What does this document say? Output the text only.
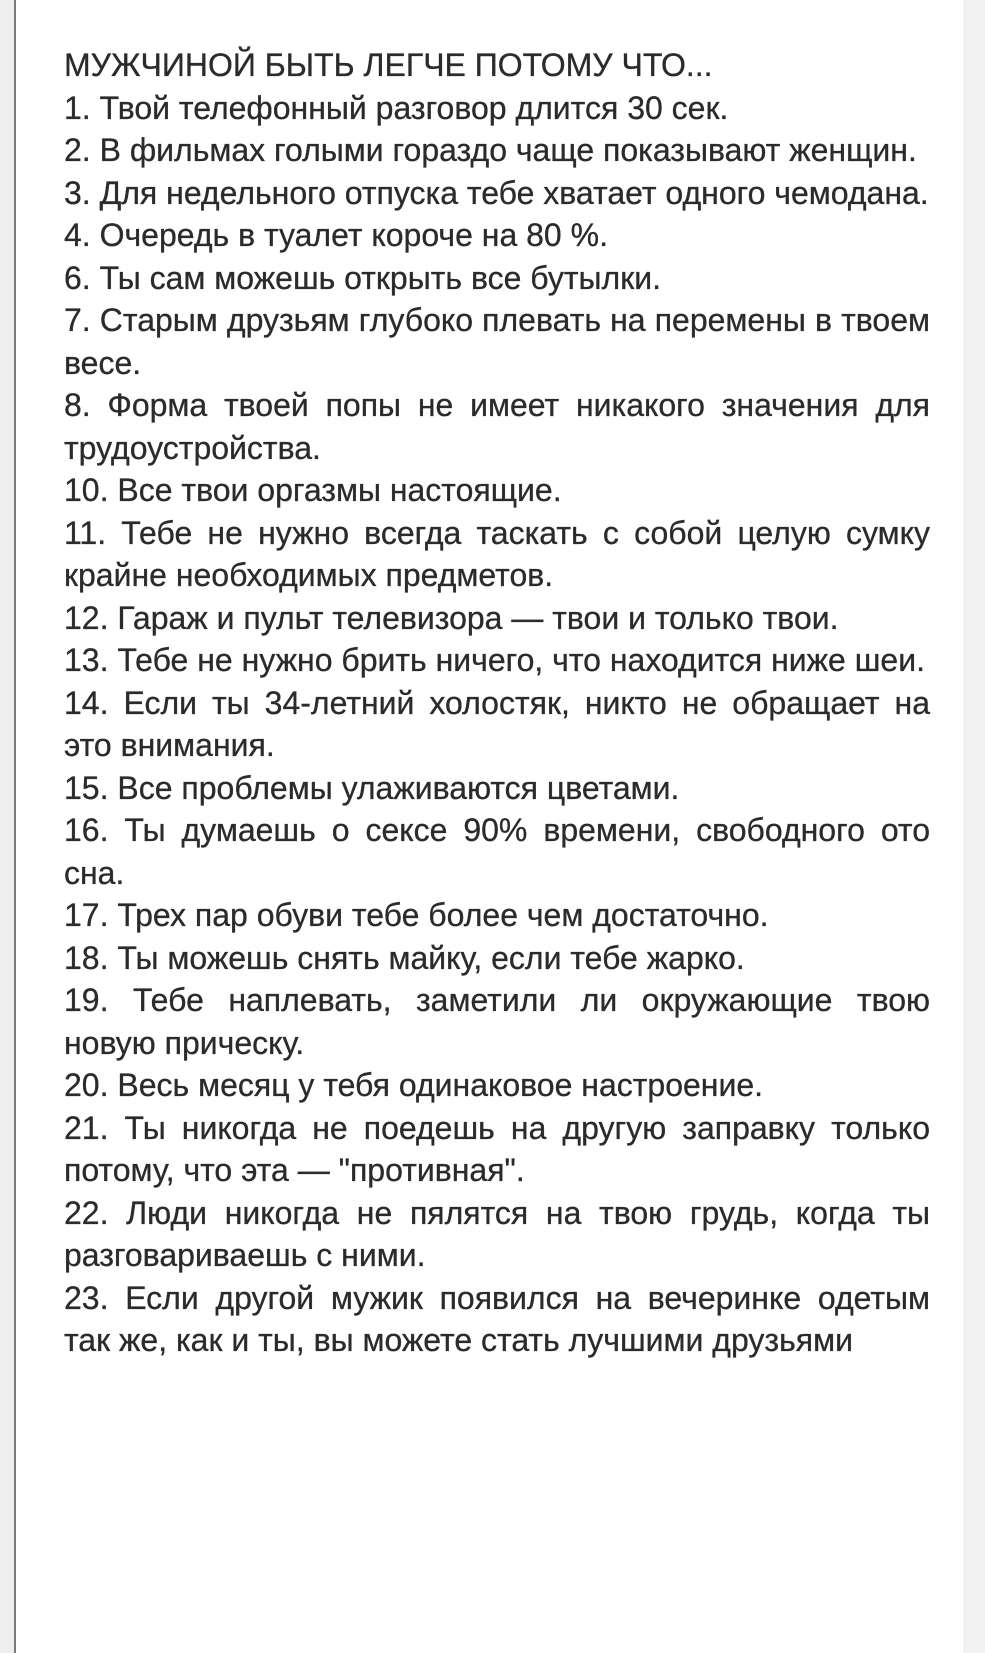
МУЖЧИНОЙ БЫТЬ ЛЕГЧЕ ПОТОМУ ЧТО...

1. Твой телефонный разговор длится 30 сек.

2. В фильмах голыми гораздо чаще показывают женщин.

3. Для недельного отпуска тебе хватает одного чемодана.

4. Очередь в туалет короче на 80 %.

6. Ты сам можешь открыть все бутылки.

7. Старым друзьям глубоко плевать на перемены в твоем весе.

8. Форма твоей попы не имеет никакого значения для трудоустройства.

10. Все твои оргазмы настоящие.

11. Тебе не нужно всегда таскать с собой целую сумку крайне необходимых предметов.

12. Гараж и пульт телевизора — твои и только твои.

13. Тебе не нужно брить ничего, что находится ниже шеи.

14. Если ты 34-летний холостяк, никто не обращает на это внимания.

15. Все проблемы улаживаются цветами.

16. Ты думаешь о сексе 90% времени, свободного ото сна.

17. Трех пар обуви тебе более чем достаточно.

18. Ты можешь снять майку, если тебе жарко.

19. Тебе наплевать, заметили ли окружающие твою новую прическу.

20. Весь месяц у тебя одинаковое настроение.

21. Ты никогда не поедешь на другую заправку только потому, что эта — "противная".

22. Люди никогда не пялятся на твою грудь, когда ты разговариваешь с ними.

23. Если другой мужик появился на вечеринке одетым так же, как и ты, вы можете стать лучшими друзьями
